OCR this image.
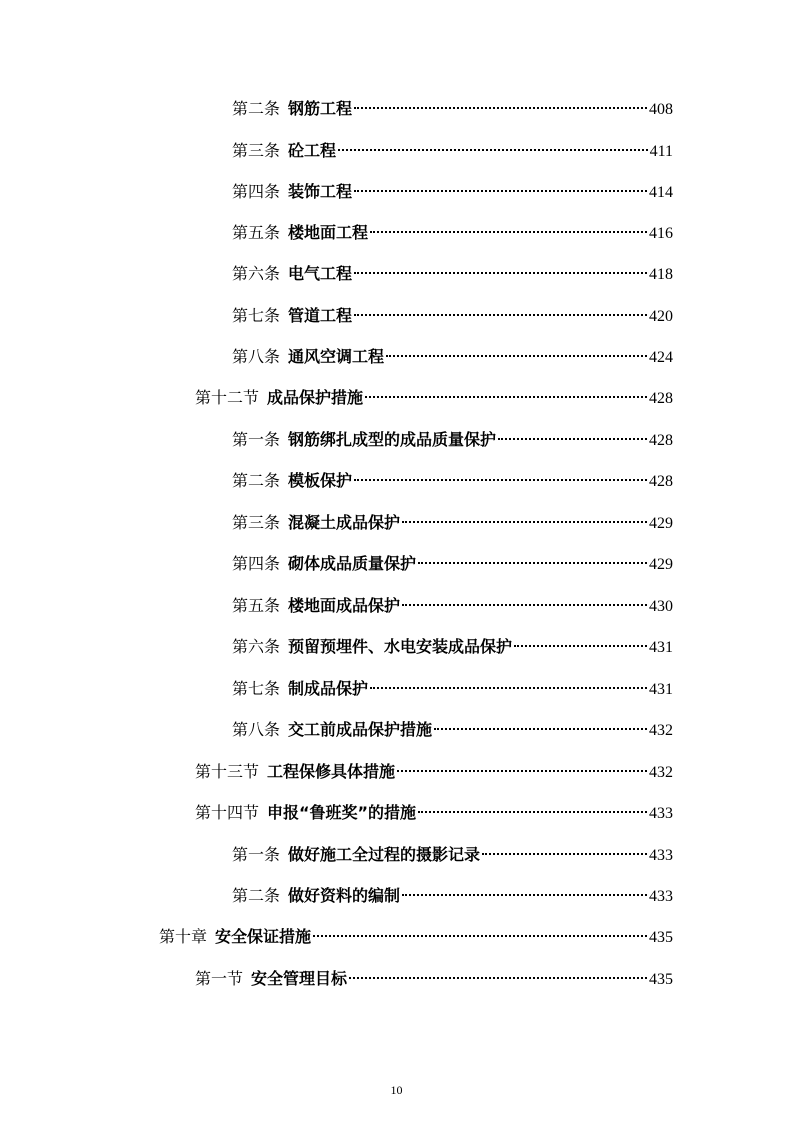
第二条 钢筋工程	408
第三条 砼工程	411
第四条 装饰工程	414
第五条 楼地面工程	416
第六条 电气工程	418
第七条 管道工程	420
第八条 通风空调工程	424
第十二节 成品保护措施	428
第一条 钢筋绑扎成型的成品质量保护	428
第二条 模板保护	428
第三条 混凝土成品保护	429
第四条 砌体成品质量保护	429
第五条 楼地面成品保护	430
第六条 预留预埋件、水电安装成品保护	431
第七条 制成品保护	431
第八条 交工前成品保护措施	432
第十三节 工程保修具体措施	432
第十四节 申报“鲁班奖”的措施	433
第一条 做好施工全过程的摄影记录	433
第二条 做好资料的编制	433
第十章 安全保证措施	435
第一节 安全管理目标	435
10
